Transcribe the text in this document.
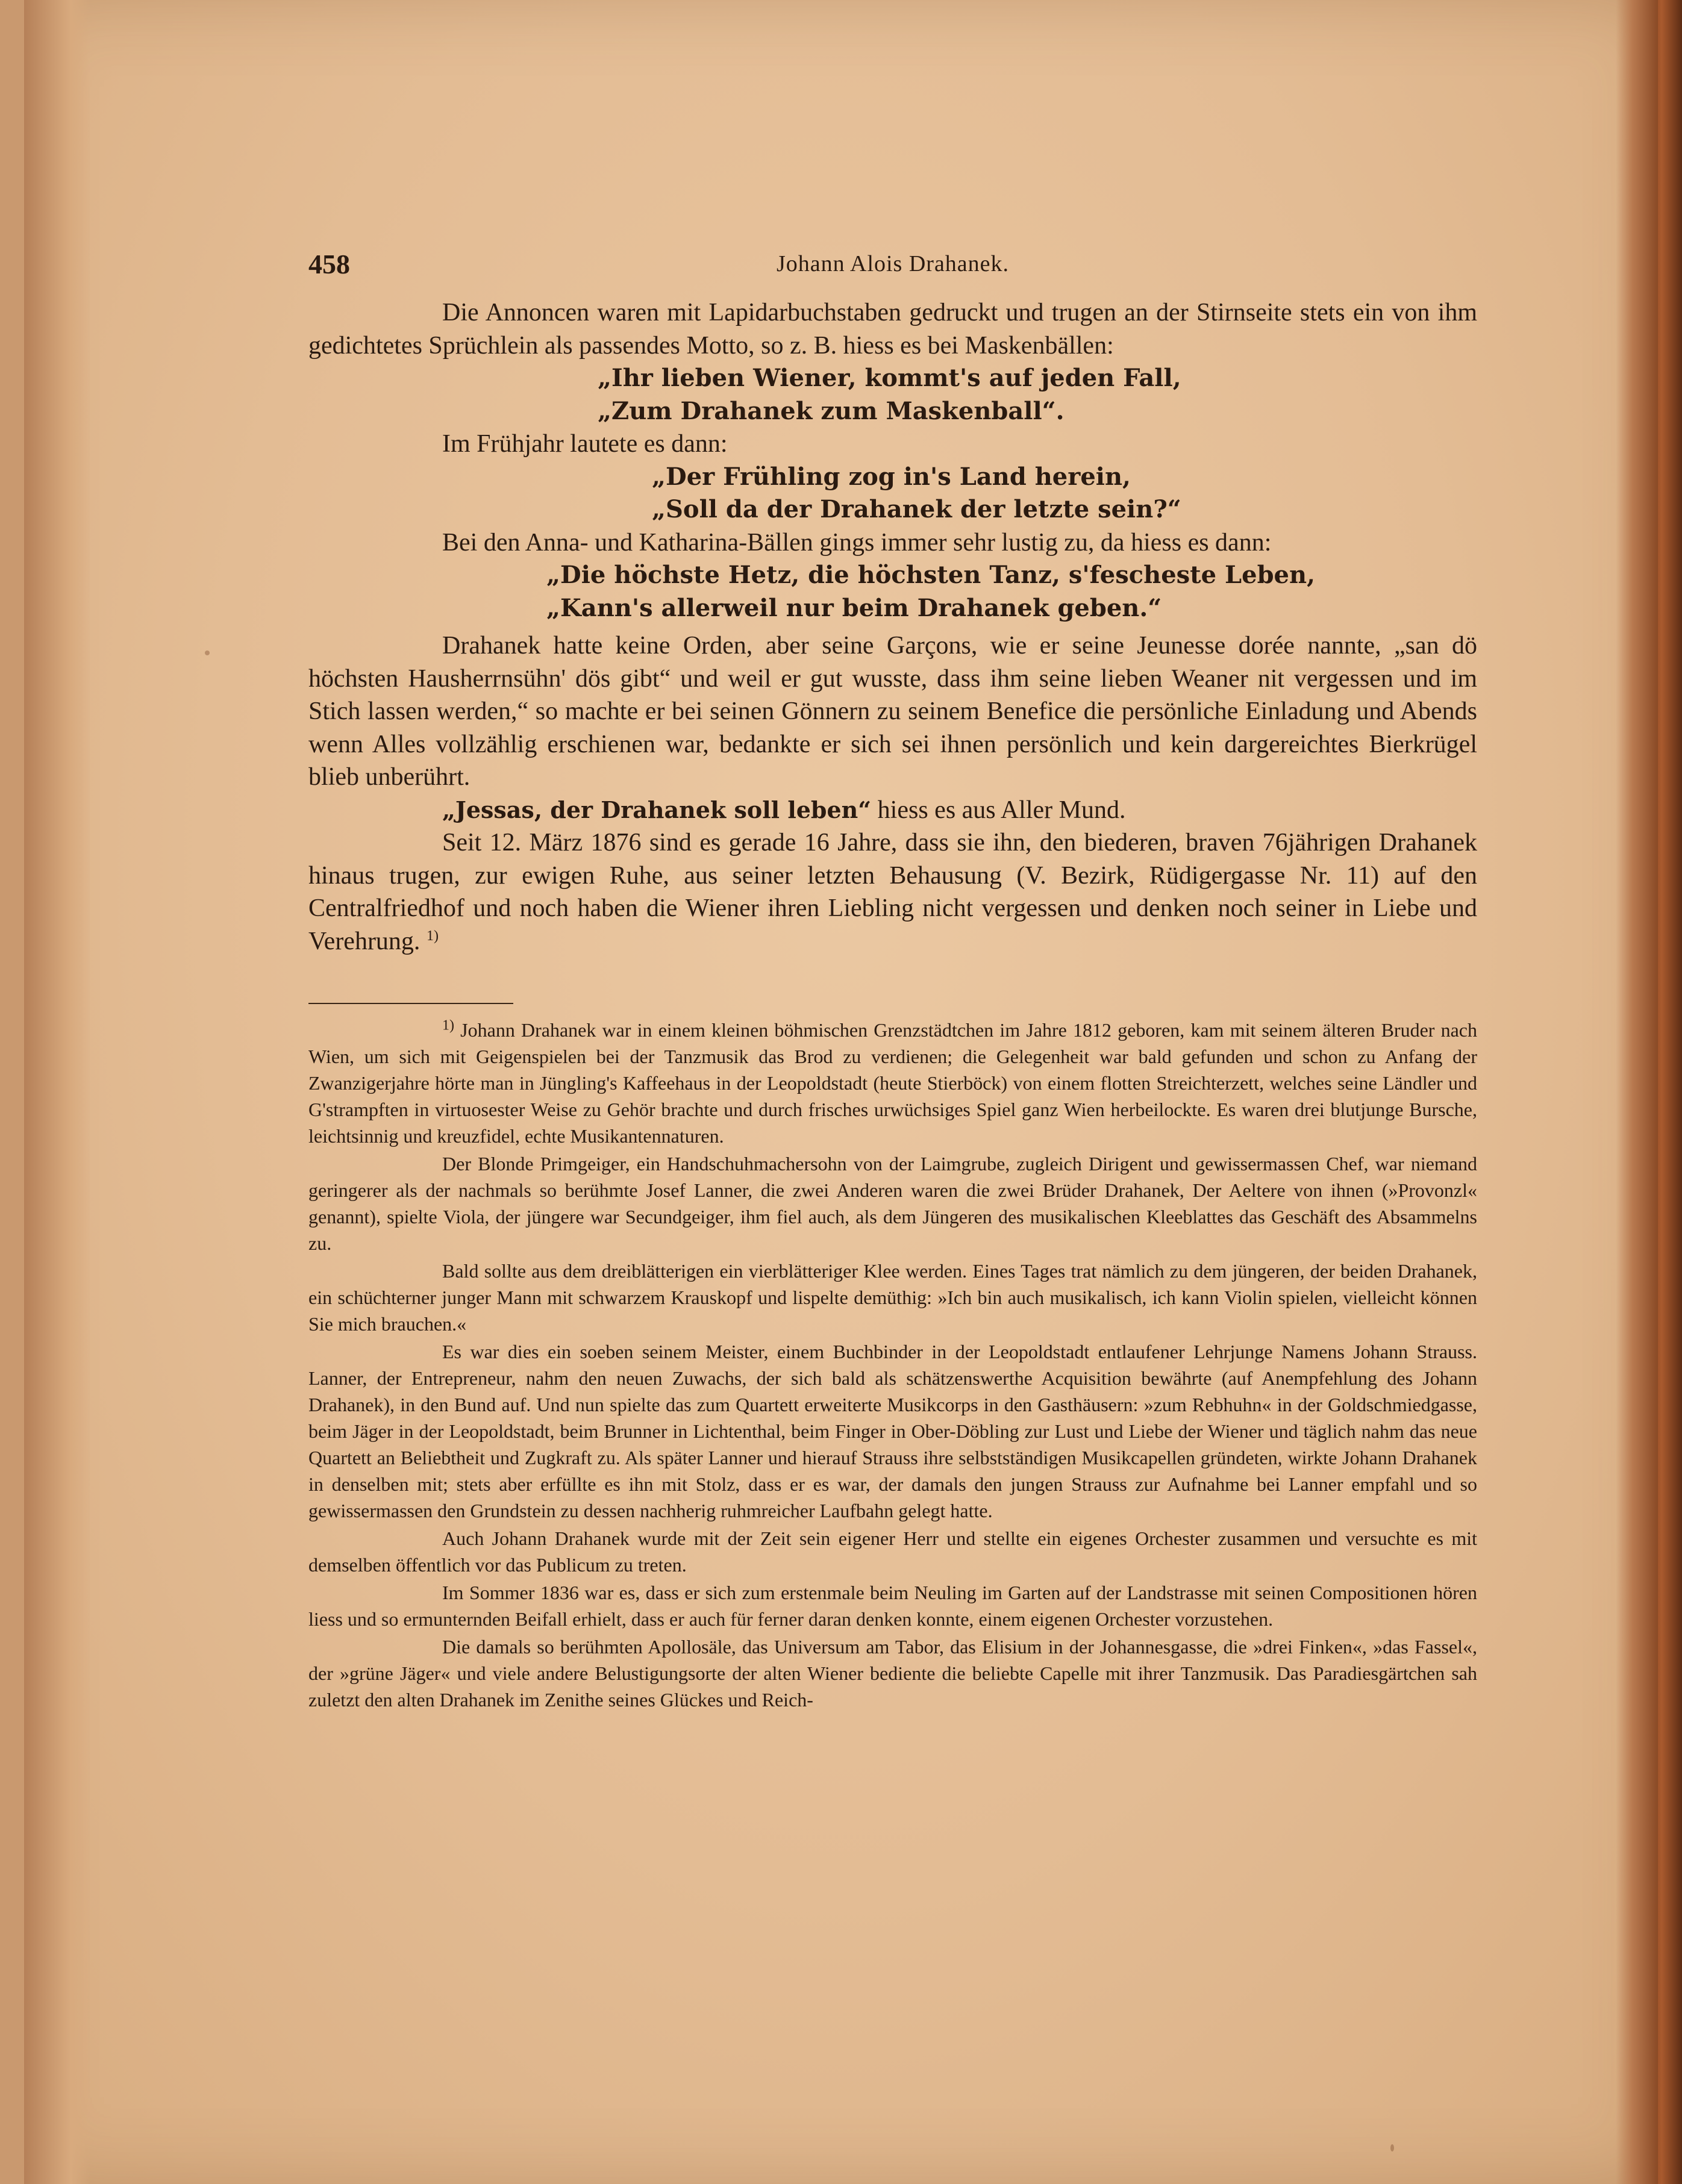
458	Johann Alois Drahanek.

Die Annoncen waren mit Lapidarbuchstaben gedruckt und trugen an der Stirnseite stets ein von ihm gedichtetes Sprüchlein als passendes Motto, so z. B. hiess es bei Maskenbällen:

„Ihr lieben Wiener, kommt's auf jeden Fall,

„Zum Drahanek zum Maskenball“.

Im Frühjahr lautete es dann:

„Der Frühling zog in's Land herein,

„Soll da der Drahanek der letzte sein?“

Bei den Anna- und Katharina-Bällen gings immer sehr lustig zu, da hiess es dann:

„Die höchste Hetz, die höchsten Tanz, s'fescheste Leben,

„Kann's allerweil nur beim Drahanek geben.“

Drahanek hatte keine Orden, aber seine Garçons, wie er seine Jeunesse dorée nannte, „san dö höchsten Hausherrnsühn' dös gibt“ und weil er gut wusste, dass ihm seine lieben Weaner nit vergessen und im Stich lassen werden,“ so machte er bei seinen Gönnern zu seinem Benefice die persönliche Einladung und Abends wenn Alles vollzählig erschienen war, bedankte er sich sei ihnen persönlich und kein dargereichtes Bierkrügel blieb unberührt.

„Jessas, der Drahanek soll leben“ hiess es aus Aller Mund.

Seit 12. März 1876 sind es gerade 16 Jahre, dass sie ihn, den biederen, braven 76jährigen Drahanek hinaus trugen, zur ewigen Ruhe, aus seiner letzten Behausung (V. Bezirk, Rüdigergasse Nr. 11) auf den Centralfriedhof und noch haben die Wiener ihren Liebling nicht vergessen und denken noch seiner in Liebe und Verehrung. $^{1)}$

$^{1)}$ Johann Drahanek war in einem kleinen böhmischen Grenzstädtchen im Jahre 1812 geboren, kam mit seinem älteren Bruder nach Wien, um sich mit Geigenspielen bei der Tanzmusik das Brod zu verdienen; die Gelegenheit war bald gefunden und schon zu Anfang der Zwanzigerjahre hörte man in Jüngling's Kaffeehaus in der Leopoldstadt (heute Stierböck) von einem flotten Streichterzett, welches seine Ländler und G'strampften in virtuosester Weise zu Gehör brachte und durch frisches urwüchsiges Spiel ganz Wien herbeilockte. Es waren drei blutjunge Bursche, leichtsinnig und kreuzfidel, echte Musikantennaturen.

Der Blonde Primgeiger, ein Handschuhmachersohn von der Laimgrube, zugleich Dirigent und gewissermassen Chef, war niemand geringerer als der nachmals so berühmte Josef Lanner, die zwei Anderen waren die zwei Brüder Drahanek, Der Aeltere von ihnen (»Provonzl« genannt), spielte Viola, der jüngere war Secundgeiger, ihm fiel auch, als dem Jüngeren des musikalischen Kleeblattes das Geschäft des Absammelns zu.

Bald sollte aus dem dreiblätterigen ein vierblätteriger Klee werden. Eines Tages trat nämlich zu dem jüngeren, der beiden Drahanek, ein schüchterner junger Mann mit schwarzem Krauskopf und lispelte demüthig: »Ich bin auch musikalisch, ich kann Violin spielen, vielleicht können Sie mich brauchen.«

Es war dies ein soeben seinem Meister, einem Buchbinder in der Leopoldstadt entlaufener Lehrjunge Namens Johann Strauss. Lanner, der Entrepreneur, nahm den neuen Zuwachs, der sich bald als schätzenswerthe Acquisition bewährte (auf Anempfehlung des Johann Drahanek), in den Bund auf. Und nun spielte das zum Quartett erweiterte Musikcorps in den Gasthäusern: »zum Rebhuhn« in der Goldschmiedgasse, beim Jäger in der Leopoldstadt, beim Brunner in Lichtenthal, beim Finger in Ober-Döbling zur Lust und Liebe der Wiener und täglich nahm das neue Quartett an Beliebtheit und Zugkraft zu. Als später Lanner und hierauf Strauss ihre selbstständigen Musikcapellen gründeten, wirkte Johann Drahanek in denselben mit; stets aber erfüllte es ihn mit Stolz, dass er es war, der damals den jungen Strauss zur Aufnahme bei Lanner empfahl und so gewissermassen den Grundstein zu dessen nachherig ruhmreicher Laufbahn gelegt hatte.

Auch Johann Drahanek wurde mit der Zeit sein eigener Herr und stellte ein eigenes Orchester zusammen und versuchte es mit demselben öffentlich vor das Publicum zu treten.

Im Sommer 1836 war es, dass er sich zum erstenmale beim Neuling im Garten auf der Landstrasse mit seinen Compositionen hören liess und so ermunternden Beifall erhielt, dass er auch für ferner daran denken konnte, einem eigenen Orchester vorzustehen.

Die damals so berühmten Apollosäle, das Universum am Tabor, das Elisium in der Johannesgasse, die »drei Finken«, »das Fassel«, der »grüne Jäger« und viele andere Belustigungsorte der alten Wiener bediente die beliebte Capelle mit ihrer Tanzmusik. Das Paradiesgärtchen sah zuletzt den alten Drahanek im Zenithe seines Glückes und Reich-
